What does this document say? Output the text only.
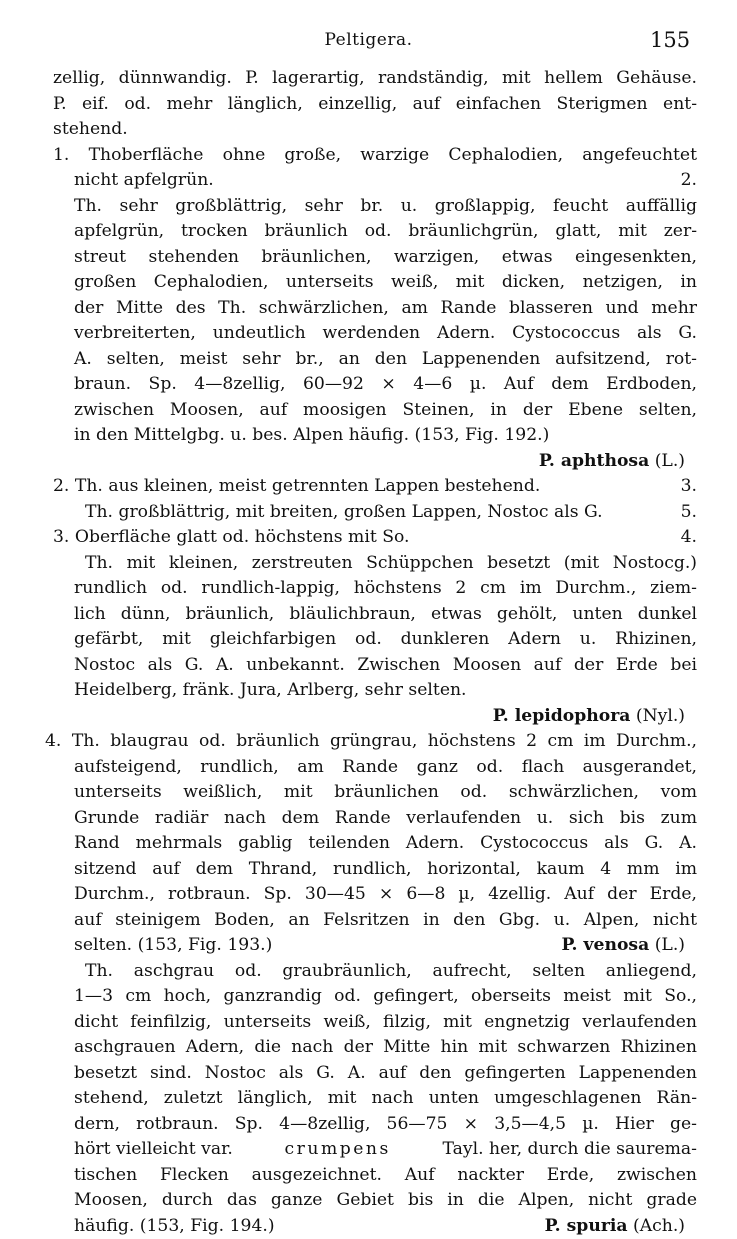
Peltigera.	155
zellig, dünnwandig. P. lagerartig, randständig, mit hellem Gehäuse.
P. eif. od. mehr länglich, einzellig, auf einfachen Sterigmen ent-
stehend.
1. Thoberfläche ohne große, warzige Cephalodien, angefeuchtet
nicht apfelgrün.	2.
Th. sehr großblättrig, sehr br. u. großlappig, feucht auffällig
apfelgrün, trocken bräunlich od. bräunlichgrün, glatt, mit zer-
streut stehenden bräunlichen, warzigen, etwas eingesenkten,
großen Cephalodien, unterseits weiß, mit dicken, netzigen, in
der Mitte des Th. schwärzlichen, am Rande blasseren und mehr
verbreiterten, undeutlich werdenden Adern. Cystococcus als G.
A. selten, meist sehr br., an den Lappenenden aufsitzend, rot-
braun. Sp. 4—8zellig, 60—92 × 4—6 µ. Auf dem Erdboden,
zwischen Moosen, auf moosigen Steinen, in der Ebene selten,
in den Mittelgbg. u. bes. Alpen häufig. (153, Fig. 192.)
P. aphthosa (L.)
2. Th. aus kleinen, meist getrennten Lappen bestehend.	3.
Th. großblättrig, mit breiten, großen Lappen, Nostoc als G.	5.
3. Oberfläche glatt od. höchstens mit So.	4.
Th. mit kleinen, zerstreuten Schüppchen besetzt (mit Nostocg.)
rundlich od. rundlich-lappig, höchstens 2 cm im Durchm., ziem-
lich dünn, bräunlich, bläulichbraun, etwas gehölt, unten dunkel
gefärbt, mit gleichfarbigen od. dunkleren Adern u. Rhizinen,
Nostoc als G. A. unbekannt. Zwischen Moosen auf der Erde bei
Heidelberg, fränk. Jura, Arlberg, sehr selten.
P. lepidophora (Nyl.)
4. Th. blaugrau od. bräunlich grüngrau, höchstens 2 cm im Durchm.,
aufsteigend, rundlich, am Rande ganz od. flach ausgerandet,
unterseits weißlich, mit bräunlichen od. schwärzlichen, vom
Grunde radiär nach dem Rande verlaufenden u. sich bis zum
Rand mehrmals gablig teilenden Adern. Cystococcus als G. A.
sitzend auf dem Thrand, rundlich, horizontal, kaum 4 mm im
Durchm., rotbraun. Sp. 30—45 × 6—8 µ, 4zellig. Auf der Erde,
auf steinigem Boden, an Felsritzen in den Gbg. u. Alpen, nicht
selten. (153, Fig. 193.)	P. venosa (L.)
Th. aschgrau od. graubräunlich, aufrecht, selten anliegend,
1—3 cm hoch, ganzrandig od. gefingert, oberseits meist mit So.,
dicht feinfilzig, unterseits weiß, filzig, mit engnetzig verlaufenden
aschgrauen Adern, die nach der Mitte hin mit schwarzen Rhizinen
besetzt sind. Nostoc als G. A. auf den gefingerten Lappenenden
stehend, zuletzt länglich, mit nach unten umgeschlagenen Rän-
dern, rotbraun. Sp. 4—8zellig, 56—75 × 3,5—4,5 µ. Hier ge-
hört vielleicht var.	crumpens	Tayl. her, durch die saurema-
tischen Flecken ausgezeichnet. Auf nackter Erde, zwischen
Moosen, durch das ganze Gebiet bis in die Alpen, nicht grade
häufig. (153, Fig. 194.)	P. spuria (Ach.)
